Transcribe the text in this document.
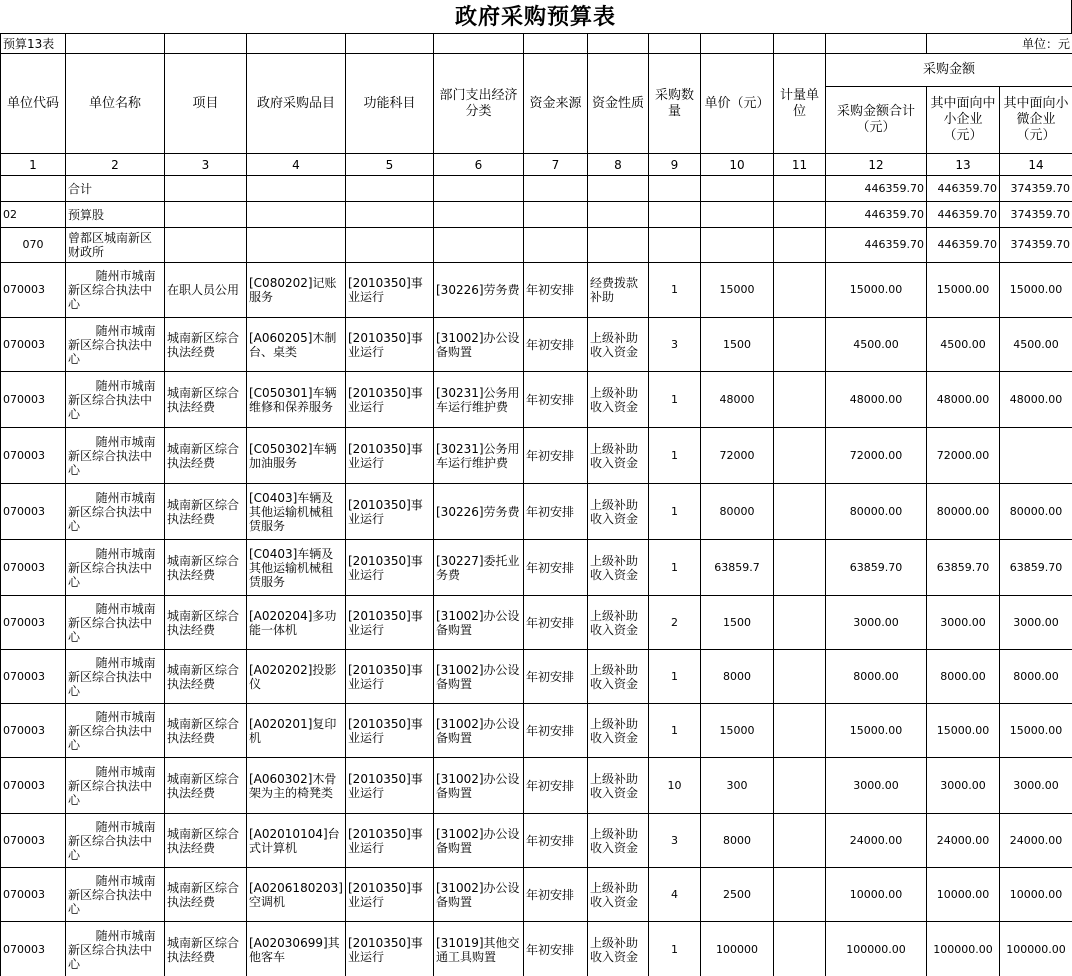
政府采购预算表
预算13表												单位：元	
单位代码	单位名称	项目	政府采购品目	功能科目	部门支出经济分类	资金来源	资金性质	采购数量	单价（元）	计量单位	采购金额		
											采购金额合计（元）	其中面向中小企业（元）	其中面向小微企业（元）
1	2	3	4	5	6	7	8	9	10	11	12	13	14
	合计										446359.70	446359.70	374359.70
02	预算股										446359.70	446359.70	374359.70
070	曾都区城南新区财政所										446359.70	446359.70	374359.70
070003	随州市城南新区综合执法中心	在职人员公用	[C080202]记账服务	[2010350]事业运行	[30226]劳务费	年初安排	经费拨款补助	1	15000		15000.00	15000.00	15000.00
070003	随州市城南新区综合执法中心	城南新区综合执法经费	[A060205]木制台、桌类	[2010350]事业运行	[31002]办公设备购置	年初安排	上级补助收入资金	3	1500		4500.00	4500.00	4500.00
070003	随州市城南新区综合执法中心	城南新区综合执法经费	[C050301]车辆维修和保养服务	[2010350]事业运行	[30231]公务用车运行维护费	年初安排	上级补助收入资金	1	48000		48000.00	48000.00	48000.00
070003	随州市城南新区综合执法中心	城南新区综合执法经费	[C050302]车辆加油服务	[2010350]事业运行	[30231]公务用车运行维护费	年初安排	上级补助收入资金	1	72000		72000.00	72000.00	
070003	随州市城南新区综合执法中心	城南新区综合执法经费	[C0403]车辆及其他运输机械租赁服务	[2010350]事业运行	[30226]劳务费	年初安排	上级补助收入资金	1	80000		80000.00	80000.00	80000.00
070003	随州市城南新区综合执法中心	城南新区综合执法经费	[C0403]车辆及其他运输机械租赁服务	[2010350]事业运行	[30227]委托业务费	年初安排	上级补助收入资金	1	63859.7		63859.70	63859.70	63859.70
070003	随州市城南新区综合执法中心	城南新区综合执法经费	[A020204]多功能一体机	[2010350]事业运行	[31002]办公设备购置	年初安排	上级补助收入资金	2	1500		3000.00	3000.00	3000.00
070003	随州市城南新区综合执法中心	城南新区综合执法经费	[A020202]投影仪	[2010350]事业运行	[31002]办公设备购置	年初安排	上级补助收入资金	1	8000		8000.00	8000.00	8000.00
070003	随州市城南新区综合执法中心	城南新区综合执法经费	[A020201]复印机	[2010350]事业运行	[31002]办公设备购置	年初安排	上级补助收入资金	1	15000		15000.00	15000.00	15000.00
070003	随州市城南新区综合执法中心	城南新区综合执法经费	[A060302]木骨架为主的椅凳类	[2010350]事业运行	[31002]办公设备购置	年初安排	上级补助收入资金	10	300		3000.00	3000.00	3000.00
070003	随州市城南新区综合执法中心	城南新区综合执法经费	[A02010104]台式计算机	[2010350]事业运行	[31002]办公设备购置	年初安排	上级补助收入资金	3	8000		24000.00	24000.00	24000.00
070003	随州市城南新区综合执法中心	城南新区综合执法经费	[A0206180203]空调机	[2010350]事业运行	[31002]办公设备购置	年初安排	上级补助收入资金	4	2500		10000.00	10000.00	10000.00
070003	随州市城南新区综合执法中心	城南新区综合执法经费	[A02030699]其他客车	[2010350]事业运行	[31019]其他交通工具购置	年初安排	上级补助收入资金	1	100000		100000.00	100000.00	100000.00
